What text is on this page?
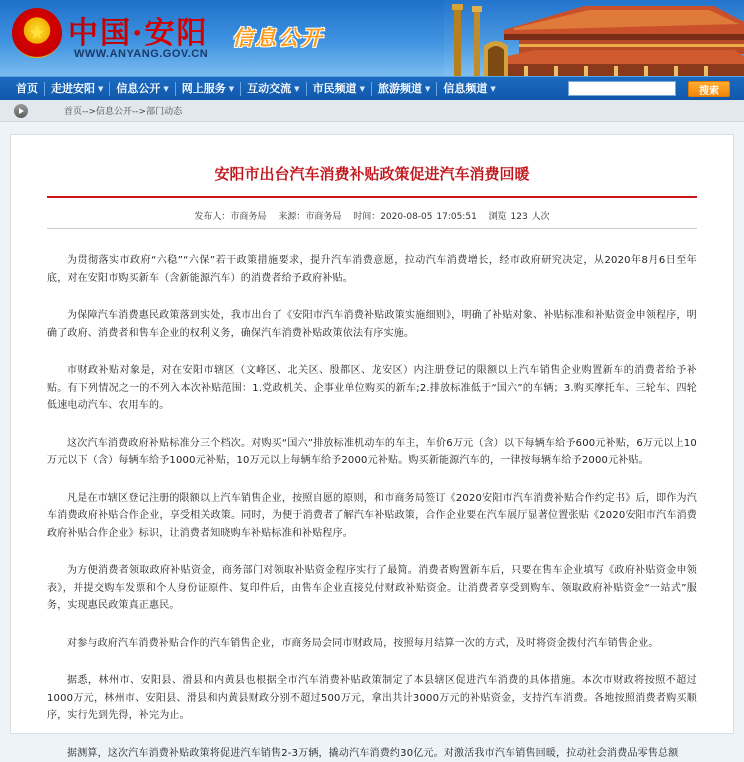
★ 中国·安阳
WWW.ANYANG.GOV.CN
信息公开
首页 走进安阳 ▼ 信息公开 ▼ 网上服务 ▼ 互动交流 ▼ 市民频道 ▼ 旅游频道 ▼ 信息频道 ▼	搜索
首页-->信息公开-->部门动态
安阳市出台汽车消费补贴政策促进汽车消费回暖
发布人：市商务局 来源：市商务局 时间：2020-08-05 17:05:51 浏览 123 人次

为贯彻落实市政府“六稳”“六保”若干政策措施要求，提升汽车消费意愿，拉动汽车消费增长，经市政府研究决定，从2020年8月6日至年底，对在安阳市购买新车（含新能源汽车）的消费者给予政府补贴。

为保障汽车消费惠民政策落到实处，我市出台了《安阳市汽车消费补贴政策实施细则》，明确了补贴对象、补贴标准和补贴资金申领程序，明确了政府、消费者和售车企业的权利义务，确保汽车消费补贴政策依法有序实施。

市财政补贴对象是，对在安阳市辖区（文峰区、北关区、殷都区、龙安区）内注册登记的限额以上汽车销售企业购置新车的消费者给予补贴。有下列情况之一的不列入本次补贴范围：1.党政机关、企事业单位购买的新车;2.排放标准低于“国六”的车辆；3.购买摩托车、三轮车、四轮低速电动汽车、农用车的。

这次汽车消费政府补贴标准分三个档次。对购买“国六”排放标准机动车的车主，车价6万元（含）以下每辆车给予600元补贴，6万元以上10万元以下（含）每辆车给予1000元补贴，10万元以上每辆车给予2000元补贴。购买新能源汽车的，一律按每辆车给予2000元补贴。

凡是在市辖区登记注册的限额以上汽车销售企业，按照自愿的原则，和市商务局签订《2020安阳市汽车消费补贴合作约定书》后，即作为汽车消费政府补贴合作企业，享受相关政策。同时，为便于消费者了解汽车补贴政策，合作企业要在汽车展厅显著位置张贴《2020安阳市汽车消费政府补贴合作企业》标识，让消费者知晓购车补贴标准和补贴程序。

为方便消费者领取政府补贴资金，商务部门对领取补贴资金程序实行了最简。消费者购置新车后，只要在售车企业填写《政府补贴资金申领表》，并提交购车发票和个人身份证原件、复印件后，由售车企业直接兑付财政补贴资金。让消费者享受到购车、领取政府补贴资金“一站式”服务，实现惠民政策真正惠民。

对参与政府汽车消费补贴合作的汽车销售企业，市商务局会同市财政局，按照每月结算一次的方式，及时将资金拨付汽车销售企业。

据悉，林州市、安阳县、滑县和内黄县也根据全市汽车消费补贴政策制定了本县辖区促进汽车消费的具体措施。本次市财政将按照不超过1000万元，林州市、安阳县、滑县和内黄县财政分别不超过500万元，拿出共计3000万元的补贴资金，支持汽车消费。各地按照消费者购买顺序，实行先到先得，补完为止。

据测算，这次汽车消费补贴政策将促进汽车销售2-3万辆，撬动汽车消费约30亿元。对激活我市汽车销售回暖，拉动社会消费品零售总额
